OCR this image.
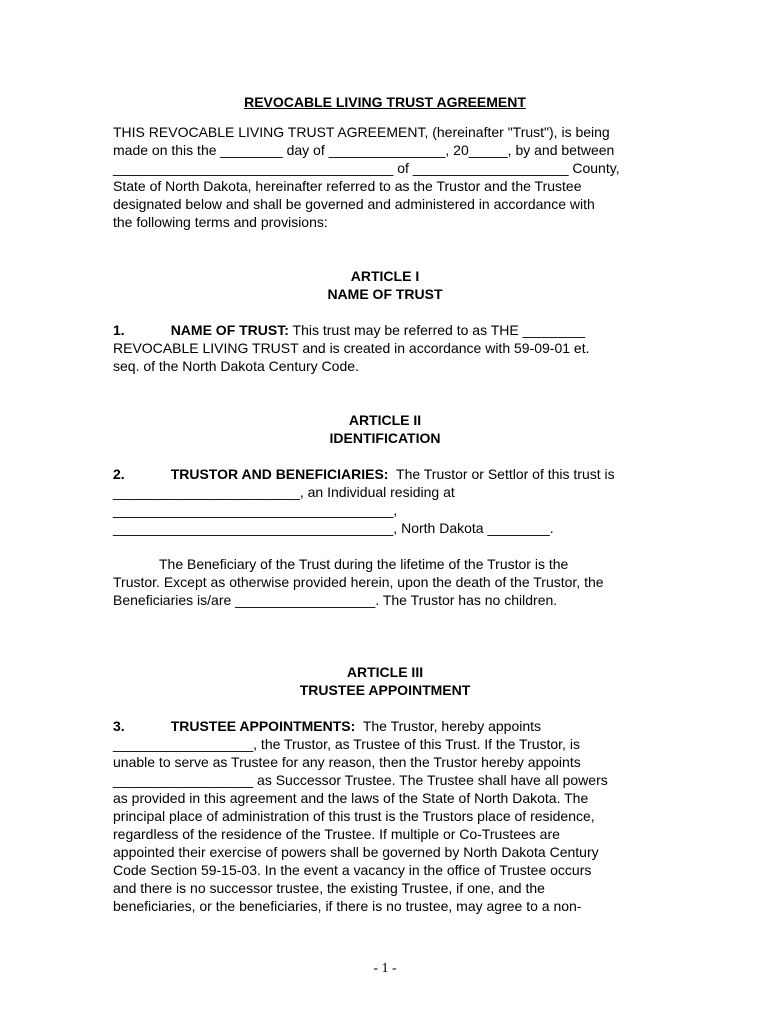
REVOCABLE LIVING TRUST AGREEMENT

THIS REVOCABLE LIVING TRUST AGREEMENT, (hereinafter "Trust"), is being

made on this the ________ day of _______________, 20_____, by and between

____________________________________ of ____________________ County,

State of North Dakota, hereinafter referred to as the Trustor and the Trustee

designated below and shall be governed and administered in accordance with

the following terms and provisions:

ARTICLE I

NAME OF TRUST

1.	NAME OF TRUST: This trust may be referred to as THE ________

REVOCABLE LIVING TRUST and is created in accordance with 59-09-01 et.

seq. of the North Dakota Century Code.

ARTICLE II

IDENTIFICATION

2.	TRUSTOR AND BENEFICIARIES: The Trustor or Settlor of this trust is

________________________, an Individual residing at

____________________________________,

____________________________________, North Dakota ________.

The Beneficiary of the Trust during the lifetime of the Trustor is the

Trustor. Except as otherwise provided herein, upon the death of the Trustor, the

Beneficiaries is/are __________________. The Trustor has no children.

ARTICLE III

TRUSTEE APPOINTMENT

3.	TRUSTEE APPOINTMENTS: The Trustor, hereby appoints

__________________, the Trustor, as Trustee of this Trust. If the Trustor, is

unable to serve as Trustee for any reason, then the Trustor hereby appoints

__________________ as Successor Trustee. The Trustee shall have all powers

as provided in this agreement and the laws of the State of North Dakota. The

principal place of administration of this trust is the Trustors place of residence,

regardless of the residence of the Trustee. If multiple or Co-Trustees are

appointed their exercise of powers shall be governed by North Dakota Century

Code Section 59-15-03. In the event a vacancy in the office of Trustee occurs

and there is no successor trustee, the existing Trustee, if one, and the

beneficiaries, or the beneficiaries, if there is no trustee, may agree to a non-

- 1 -
